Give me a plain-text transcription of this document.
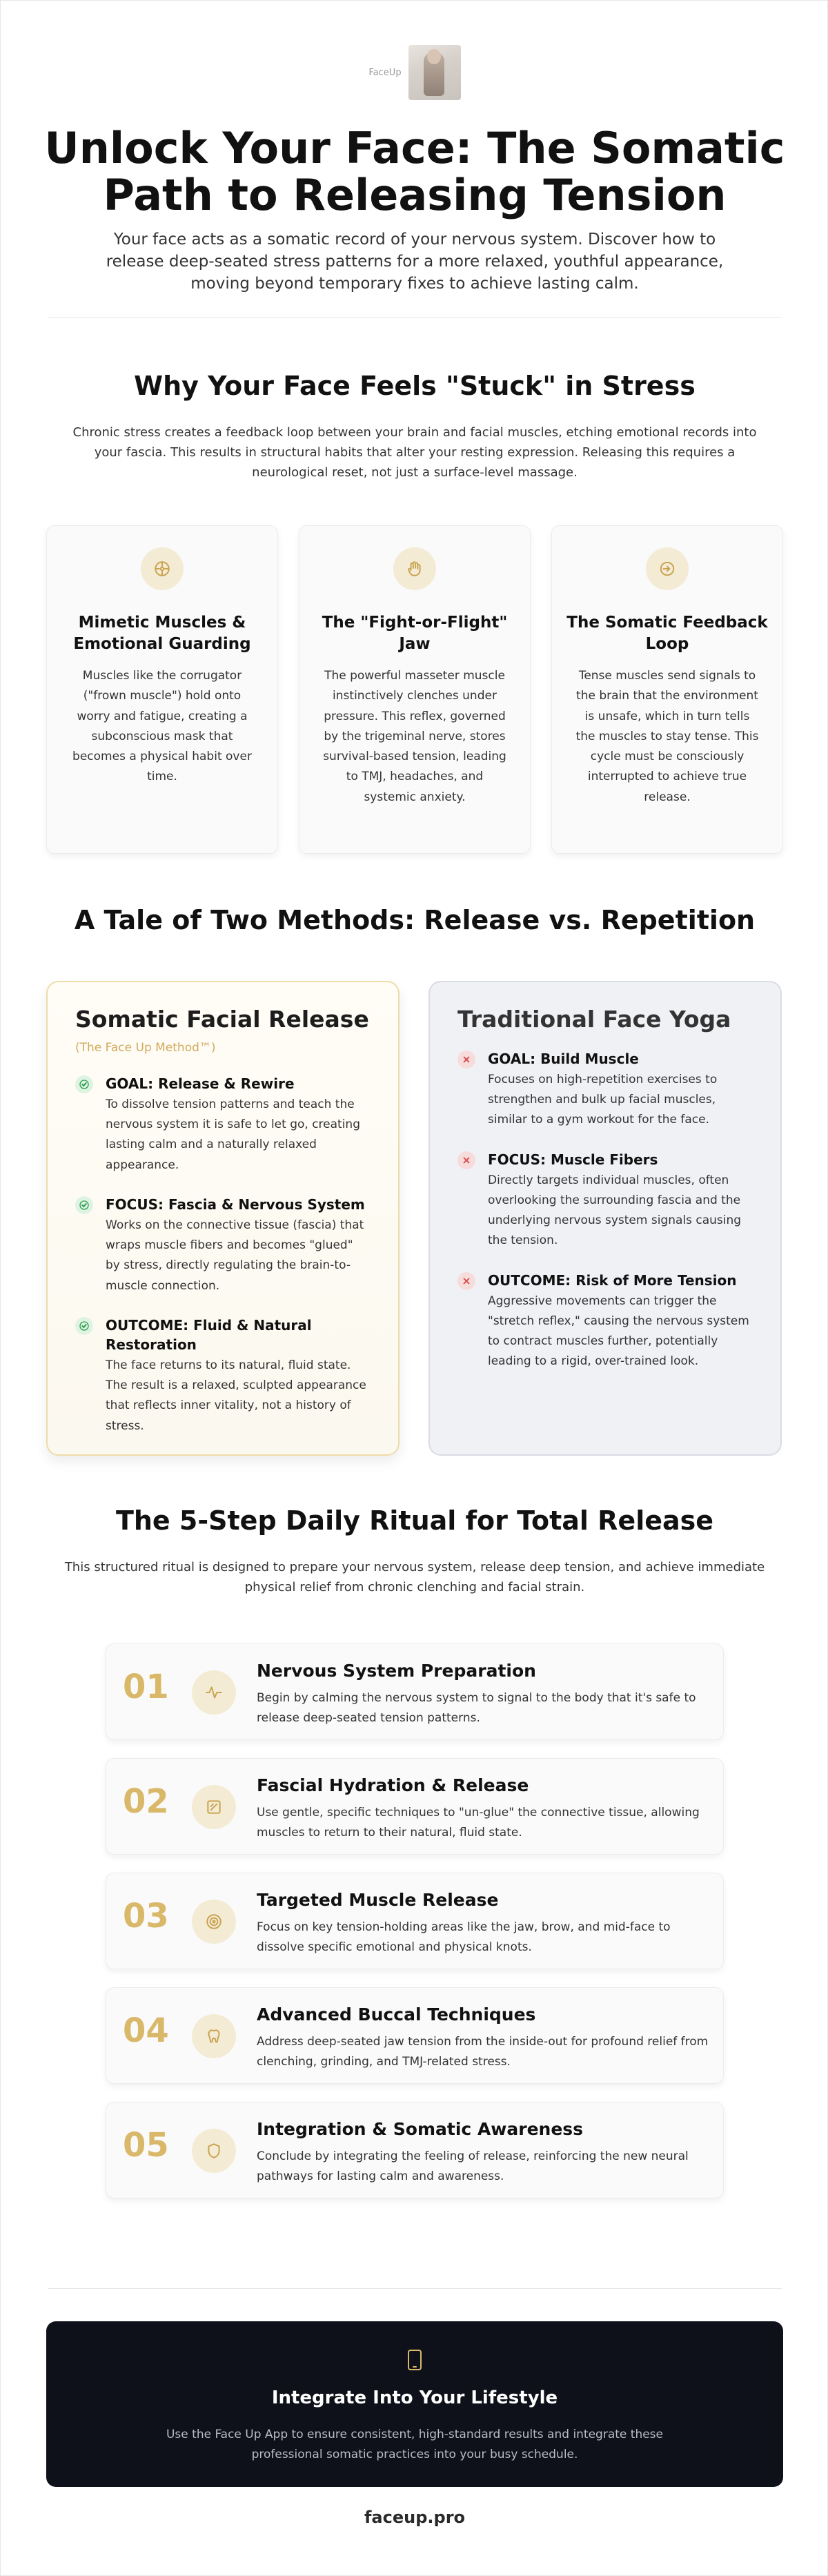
FaceUp
Unlock Your Face: The Somatic Path to Releasing Tension

Your face acts as a somatic record of your nervous system. Discover how to release deep-seated stress patterns for a more relaxed, youthful appearance, moving beyond temporary fixes to achieve lasting calm.

Why Your Face Feels "Stuck" in Stress

Chronic stress creates a feedback loop between your brain and facial muscles, etching emotional records into your fascia. This results in structural habits that alter your resting expression. Releasing this requires a neurological reset, not just a surface-level massage.

Mimetic Muscles & Emotional Guarding

Muscles like the corrugator ("frown muscle") hold onto worry and fatigue, creating a subconscious mask that becomes a physical habit over time.

The "Fight-or-Flight" Jaw

The powerful masseter muscle instinctively clenches under pressure. This reflex, governed by the trigeminal nerve, stores survival-based tension, leading to TMJ, headaches, and systemic anxiety.

The Somatic Feedback Loop

Tense muscles send signals to the brain that the environment is unsafe, which in turn tells the muscles to stay tense. This cycle must be consciously interrupted to achieve true release.

A Tale of Two Methods: Release vs. Repetition
Somatic Facial Release
(The Face Up Method™)
GOAL: Release & Rewire

To dissolve tension patterns and teach the nervous system it is safe to let go, creating lasting calm and a naturally relaxed appearance.

FOCUS: Fascia & Nervous System

Works on the connective tissue (fascia) that wraps muscle fibers and becomes "glued" by stress, directly regulating the brain-to-muscle connection.

OUTCOME: Fluid & Natural Restoration

The face returns to its natural, fluid state. The result is a relaxed, sculpted appearance that reflects inner vitality, not a history of stress.

Traditional Face Yoga
GOAL: Build Muscle

Focuses on high-repetition exercises to strengthen and bulk up facial muscles, similar to a gym workout for the face.

FOCUS: Muscle Fibers

Directly targets individual muscles, often overlooking the surrounding fascia and the underlying nervous system signals causing the tension.

OUTCOME: Risk of More Tension

Aggressive movements can trigger the "stretch reflex," causing the nervous system to contract muscles further, potentially leading to a rigid, over-trained look.

The 5-Step Daily Ritual for Total Release

This structured ritual is designed to prepare your nervous system, release deep tension, and achieve immediate physical relief from chronic clenching and facial strain.

01	Nervous System Preparation

Begin by calming the nervous system to signal to the body that it's safe to release deep-seated tension patterns.

02	Fascial Hydration & Release

Use gentle, specific techniques to "un-glue" the connective tissue, allowing muscles to return to their natural, fluid state.

03	Targeted Muscle Release

Focus on key tension-holding areas like the jaw, brow, and mid-face to dissolve specific emotional and physical knots.

04	Advanced Buccal Techniques

Address deep-seated jaw tension from the inside-out for profound relief from clenching, grinding, and TMJ-related stress.

05	Integration & Somatic Awareness

Conclude by integrating the feeling of release, reinforcing the new neural pathways for lasting calm and awareness.

Integrate Into Your Lifestyle

Use the Face Up App to ensure consistent, high-standard results and integrate these professional somatic practices into your busy schedule.

faceup.pro
